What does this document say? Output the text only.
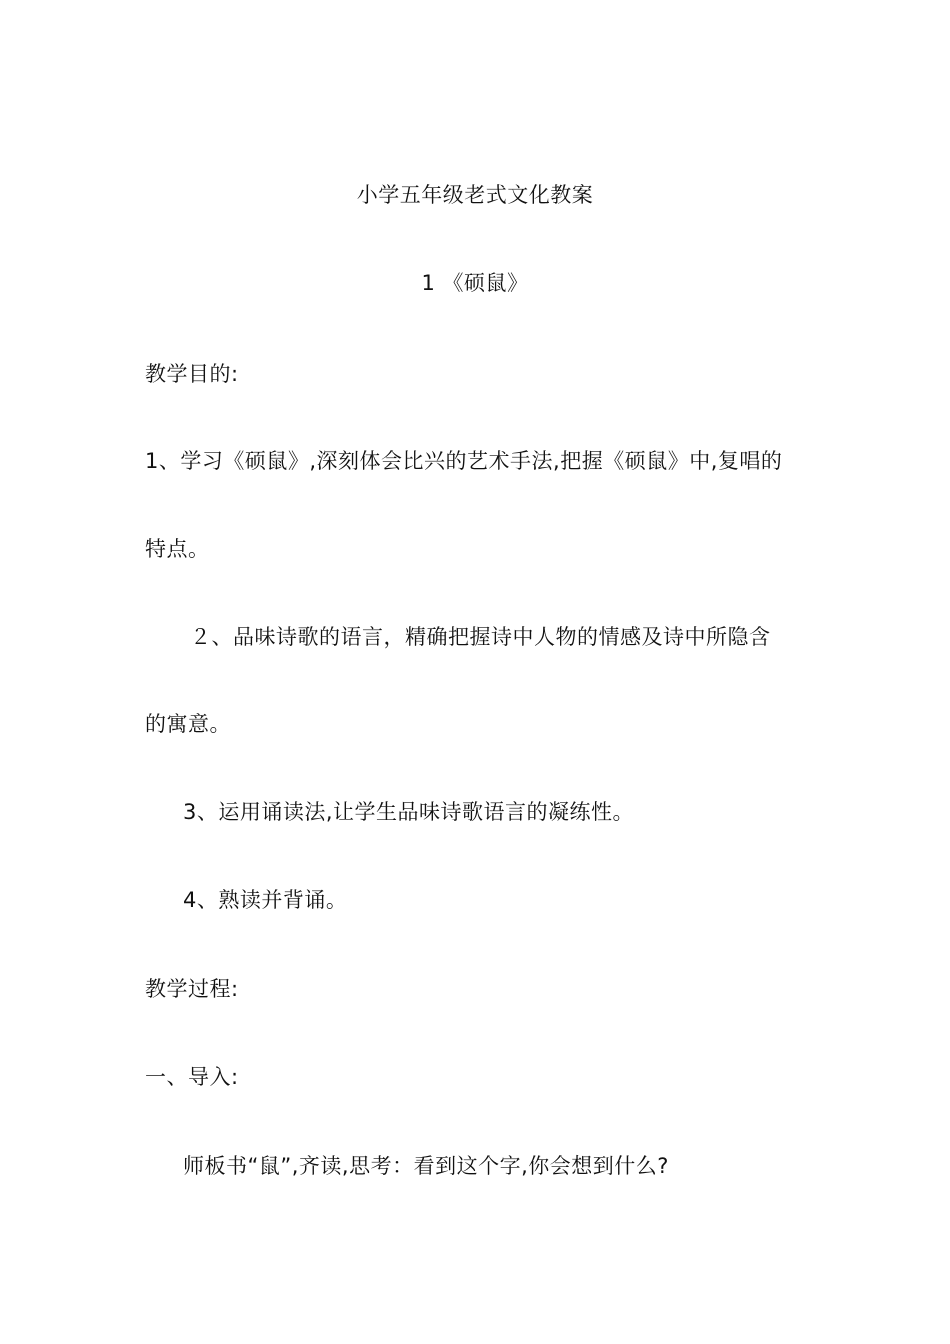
小学五年级老式文化教案
1 《硕鼠》
教学目的:
1、学习《硕鼠》,深刻体会比兴的艺术手法,把握《硕鼠》中,复唱的
特点。
２、品味诗歌的语言，精确把握诗中人物的情感及诗中所隐含
的寓意。
3、运用诵读法,让学生品味诗歌语言的凝练性。
4、熟读并背诵。
教学过程:
一、导入:
师板书“鼠”,齐读,思考：看到这个字,你会想到什么?
